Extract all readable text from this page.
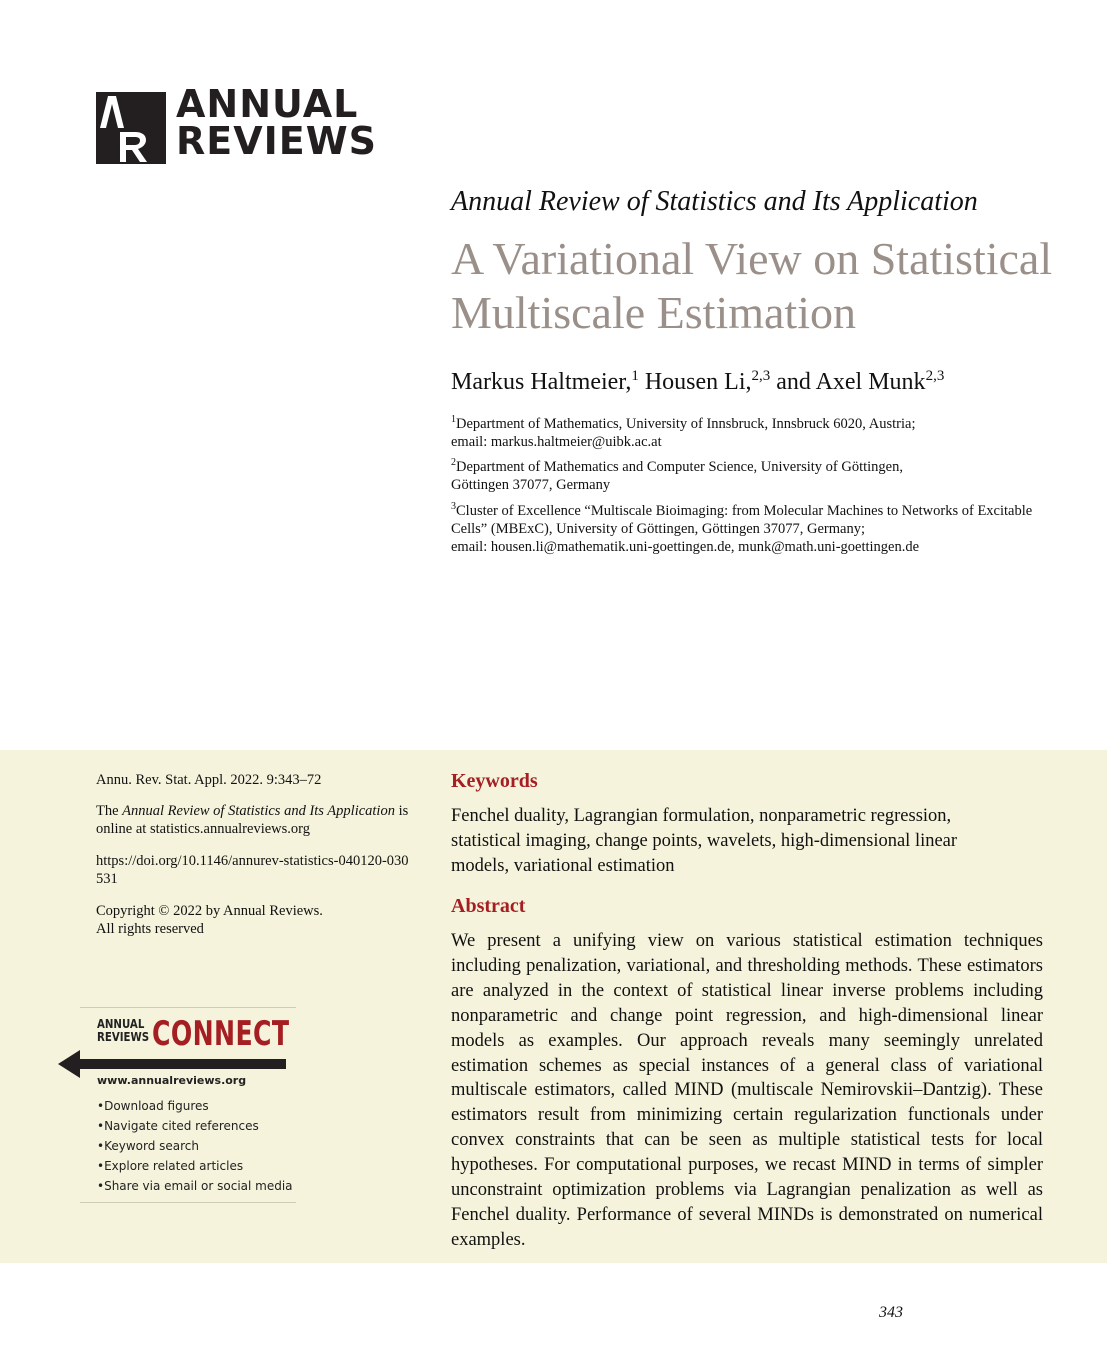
ANNUAL
REVIEWS
Annual Review of Statistics and Its Application
A Variational View on Statistical Multiscale Estimation
Markus Haltmeier,$^1$ Housen Li,$^{2,3}$ and Axel Munk$^{2,3}$
$^1$Department of Mathematics, University of Innsbruck, Innsbruck 6020, Austria;
email: markus.haltmeier@uibk.ac.at
$^2$Department of Mathematics and Computer Science, University of Göttingen,
Göttingen 37077, Germany
$^3$Cluster of Excellence “Multiscale Bioimaging: from Molecular Machines to Networks of Excitable Cells” (MBExC), University of Göttingen, Göttingen 37077, Germany;
email: housen.li@mathematik.uni-goettingen.de, munk@math.uni-goettingen.de
Annu. Rev. Stat. Appl. 2022. 9:343–72
The Annual Review of Statistics and Its Application is online at statistics.annualreviews.org
https://doi.org/10.1146/annurev-statistics-040120-030531
Copyright © 2022 by Annual Reviews.
All rights reserved
ANNUAL
REVIEWS CONNECT
www.annualreviews.org
• Download figures
• Navigate cited references
• Keyword search
• Explore related articles
• Share via email or social media
Keywords
Fenchel duality, Lagrangian formulation, nonparametric regression, statistical imaging, change points, wavelets, high-dimensional linear models, variational estimation
Abstract
We present a unifying view on various statistical estimation techniques including penalization, variational, and thresholding methods. These estimators are analyzed in the context of statistical linear inverse problems including nonparametric and change point regression, and high-dimensional linear models as examples. Our approach reveals many seemingly unrelated estimation schemes as special instances of a general class of variational multiscale estimators, called MIND (multiscale Nemirovskii–Dantzig). These estimators result from minimizing certain regularization functionals under convex constraints that can be seen as multiple statistical tests for local hypotheses. For computational purposes, we recast MIND in terms of simpler unconstraint optimization problems via Lagrangian penalization as well as Fenchel duality. Performance of several MINDs is demonstrated on numerical examples.
343
